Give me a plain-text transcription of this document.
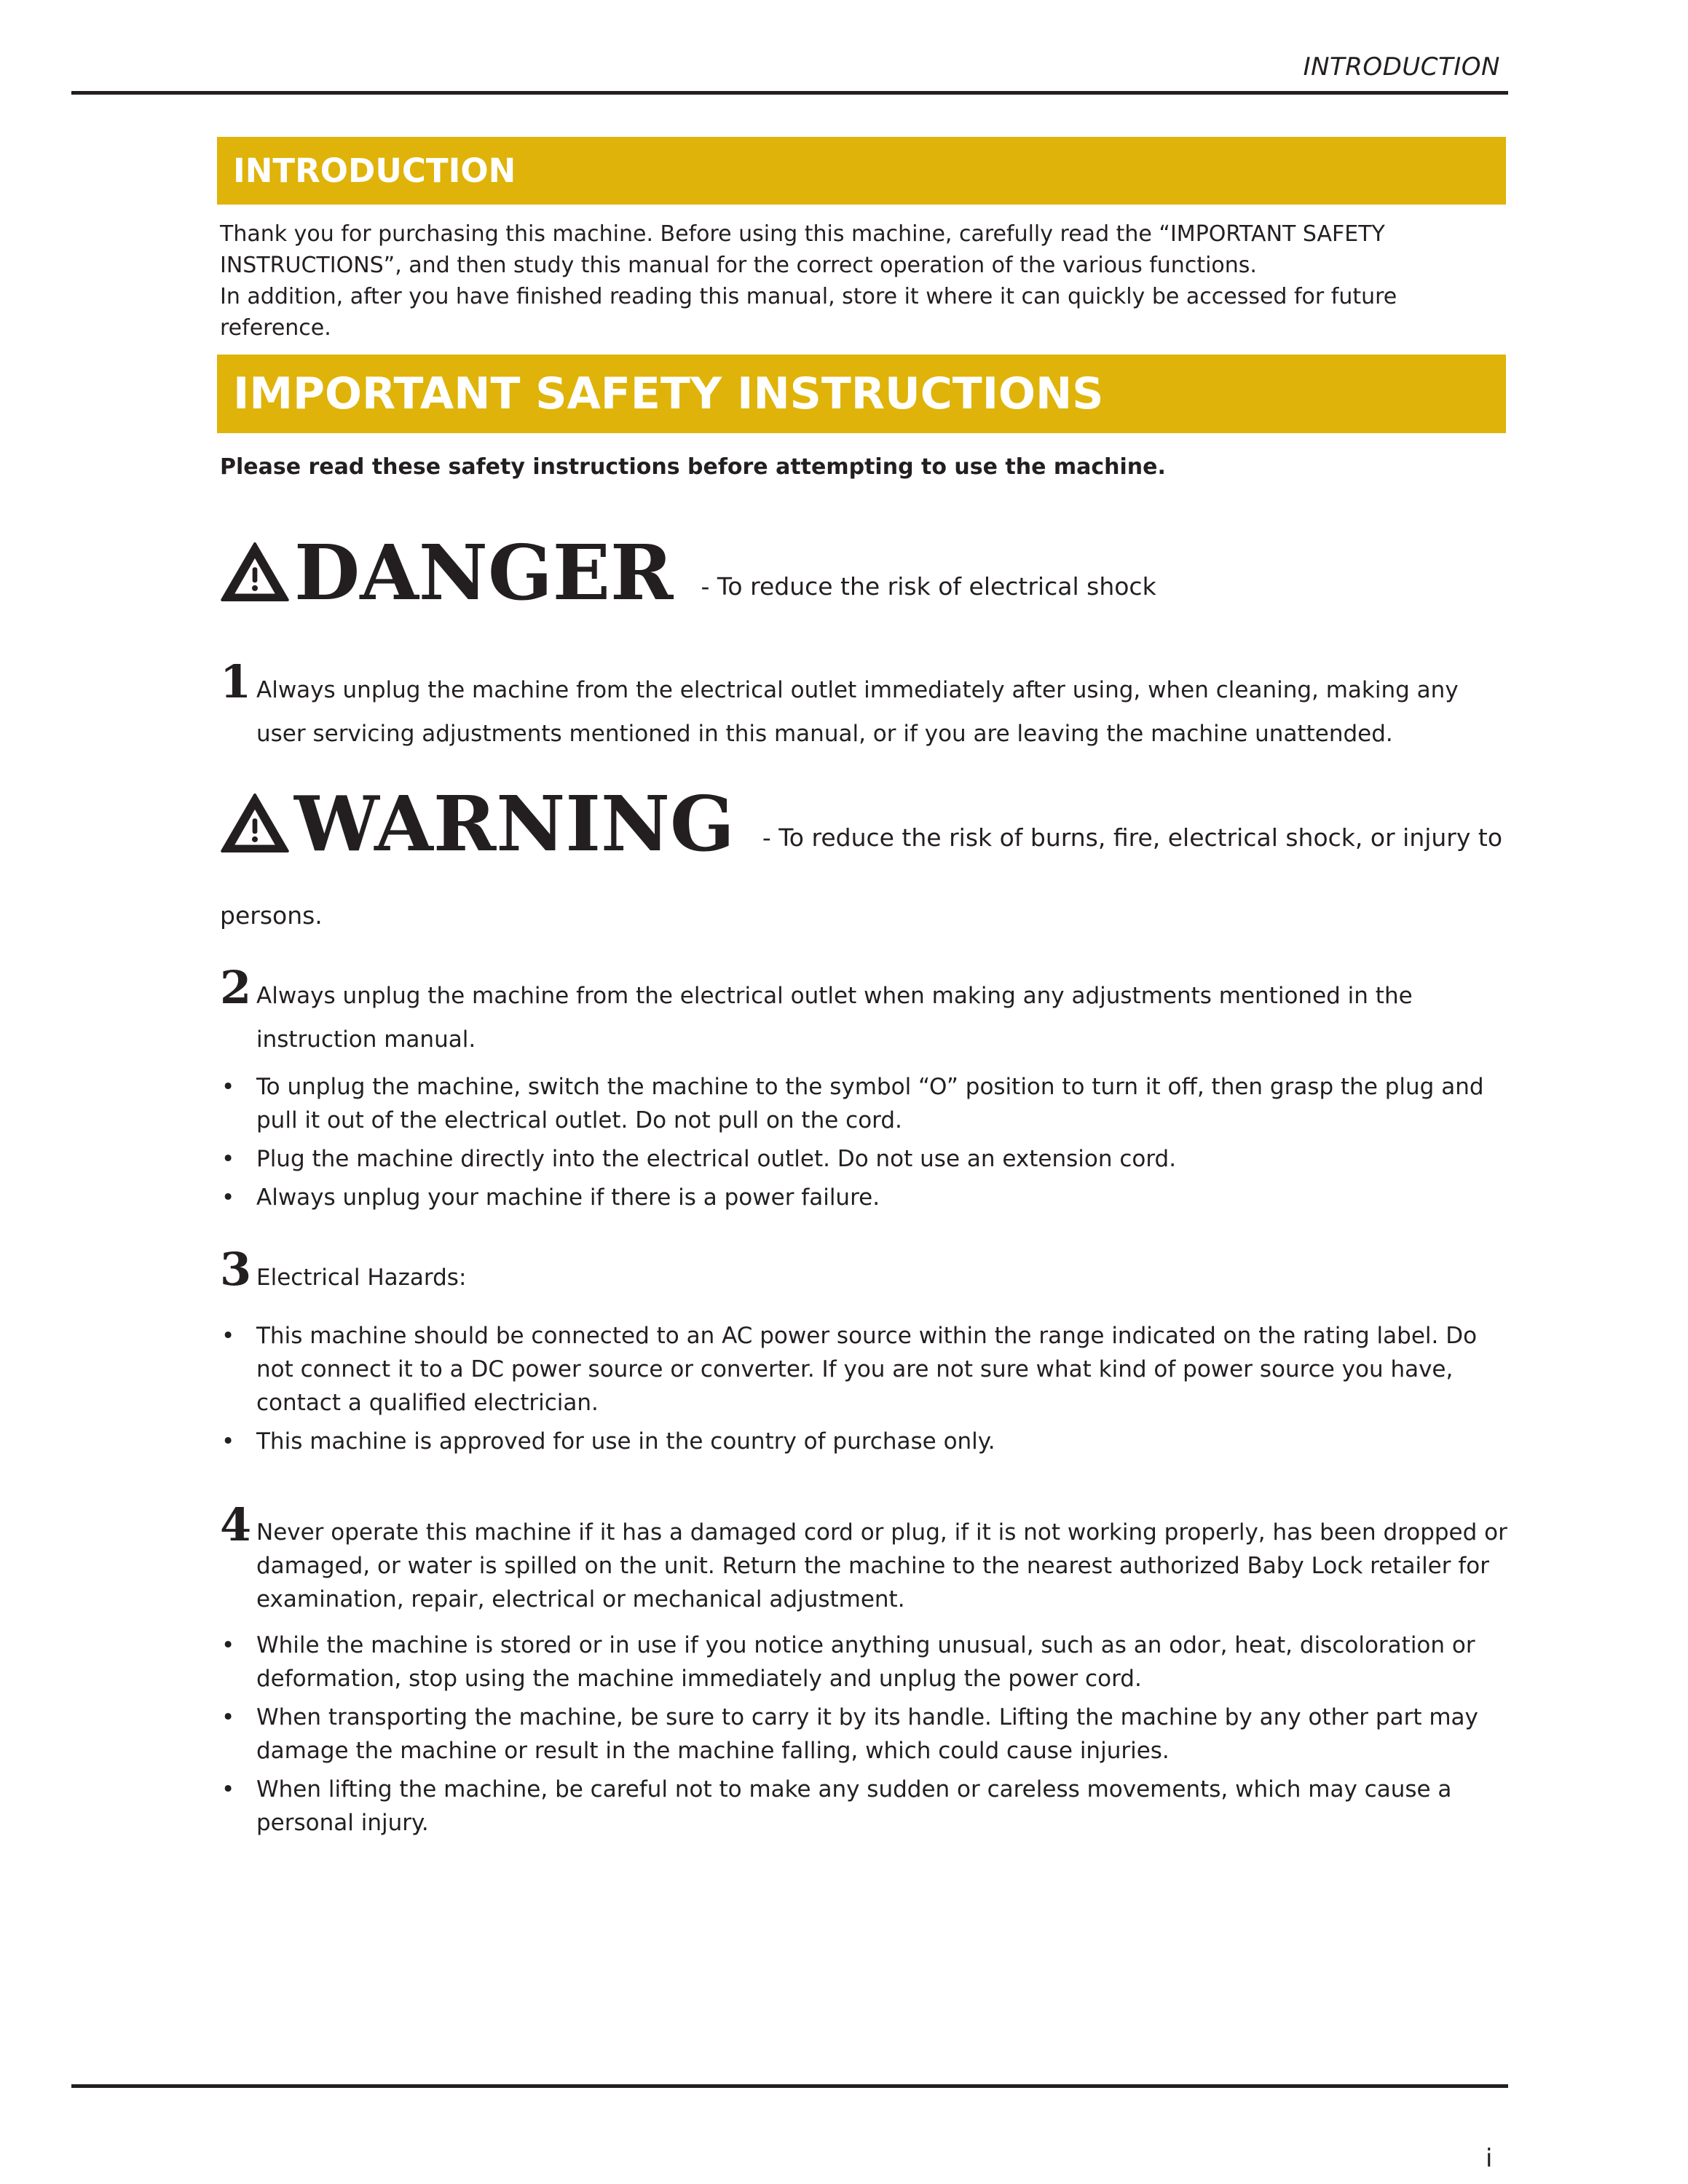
INTRODUCTION
INTRODUCTION

Thank you for purchasing this machine. Before using this machine, carefully read the “IMPORTANT SAFETY INSTRUCTIONS”, and then study this manual for the correct operation of the various functions.

In addition, after you have finished reading this manual, store it where it can quickly be accessed for future reference.

IMPORTANT SAFETY INSTRUCTIONS

Please read these safety instructions before attempting to use the machine.

DANGER - To reduce the risk of electrical shock
1 Always unplug the machine from the electrical outlet immediately after using, when cleaning, making any user servicing adjustments mentioned in this manual, or if you are leaving the machine unattended.
WARNING - To reduce the risk of burns, fire, electrical shock, or injury to

persons.

2 Always unplug the machine from the electrical outlet when making any adjustments mentioned in the instruction manual.
• To unplug the machine, switch the machine to the symbol “O” position to turn it off, then grasp the plug and pull it out of the electrical outlet. Do not pull on the cord.
• Plug the machine directly into the electrical outlet. Do not use an extension cord.
• Always unplug your machine if there is a power failure.
3 Electrical Hazards:
• This machine should be connected to an AC power source within the range indicated on the rating label. Do not connect it to a DC power source or converter. If you are not sure what kind of power source you have, contact a qualified electrician.
• This machine is approved for use in the country of purchase only.
4 Never operate this machine if it has a damaged cord or plug, if it is not working properly, has been dropped or damaged, or water is spilled on the unit. Return the machine to the nearest authorized Baby Lock retailer for examination, repair, electrical or mechanical adjustment.
• While the machine is stored or in use if you notice anything unusual, such as an odor, heat, discoloration or deformation, stop using the machine immediately and unplug the power cord.
• When transporting the machine, be sure to carry it by its handle. Lifting the machine by any other part may damage the machine or result in the machine falling, which could cause injuries.
• When lifting the machine, be careful not to make any sudden or careless movements, which may cause a personal injury.
i
